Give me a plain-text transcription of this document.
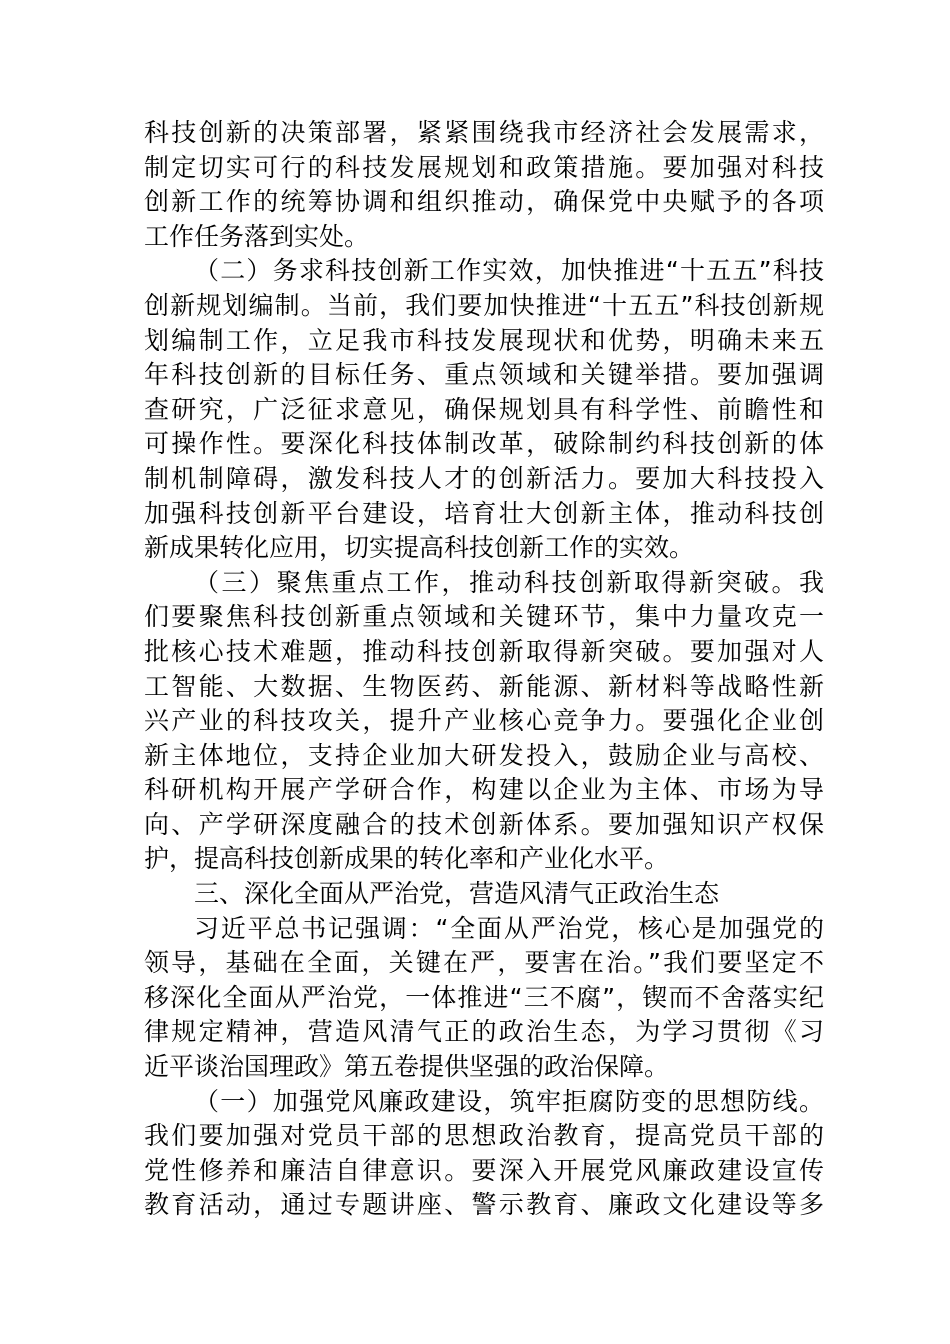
科技创新的决策部署，紧紧围绕我市经济社会发展需求，
制定切实可行的科技发展规划和政策措施。要加强对科技
创新工作的统筹协调和组织推动，确保党中央赋予的各项
工作任务落到实处。
（二）务求科技创新工作实效，加快推进“十五五”科技
创新规划编制。当前，我们要加快推进“十五五”科技创新规
划编制工作，立足我市科技发展现状和优势，明确未来五
年科技创新的目标任务、重点领域和关键举措。要加强调
查研究，广泛征求意见，确保规划具有科学性、前瞻性和
可操作性。要深化科技体制改革，破除制约科技创新的体
制机制障碍，激发科技人才的创新活力。要加大科技投入
加强科技创新平台建设，培育壮大创新主体，推动科技创
新成果转化应用，切实提高科技创新工作的实效。
（三）聚焦重点工作，推动科技创新取得新突破。我
们要聚焦科技创新重点领域和关键环节，集中力量攻克一
批核心技术难题，推动科技创新取得新突破。要加强对人
工智能、大数据、生物医药、新能源、新材料等战略性新
兴产业的科技攻关，提升产业核心竞争力。要强化企业创
新主体地位，支持企业加大研发投入，鼓励企业与高校、
科研机构开展产学研合作，构建以企业为主体、市场为导
向、产学研深度融合的技术创新体系。要加强知识产权保
护，提高科技创新成果的转化率和产业化水平。
三、深化全面从严治党，营造风清气正政治生态
习近平总书记强调：“全面从严治党，核心是加强党的
领导，基础在全面，关键在严，要害在治。”我们要坚定不
移深化全面从严治党，一体推进“三不腐”，锲而不舍落实纪
律规定精神，营造风清气正的政治生态，为学习贯彻《习
近平谈治国理政》第五卷提供坚强的政治保障。
（一）加强党风廉政建设，筑牢拒腐防变的思想防线。
我们要加强对党员干部的思想政治教育，提高党员干部的
党性修养和廉洁自律意识。要深入开展党风廉政建设宣传
教育活动，通过专题讲座、警示教育、廉政文化建设等多
